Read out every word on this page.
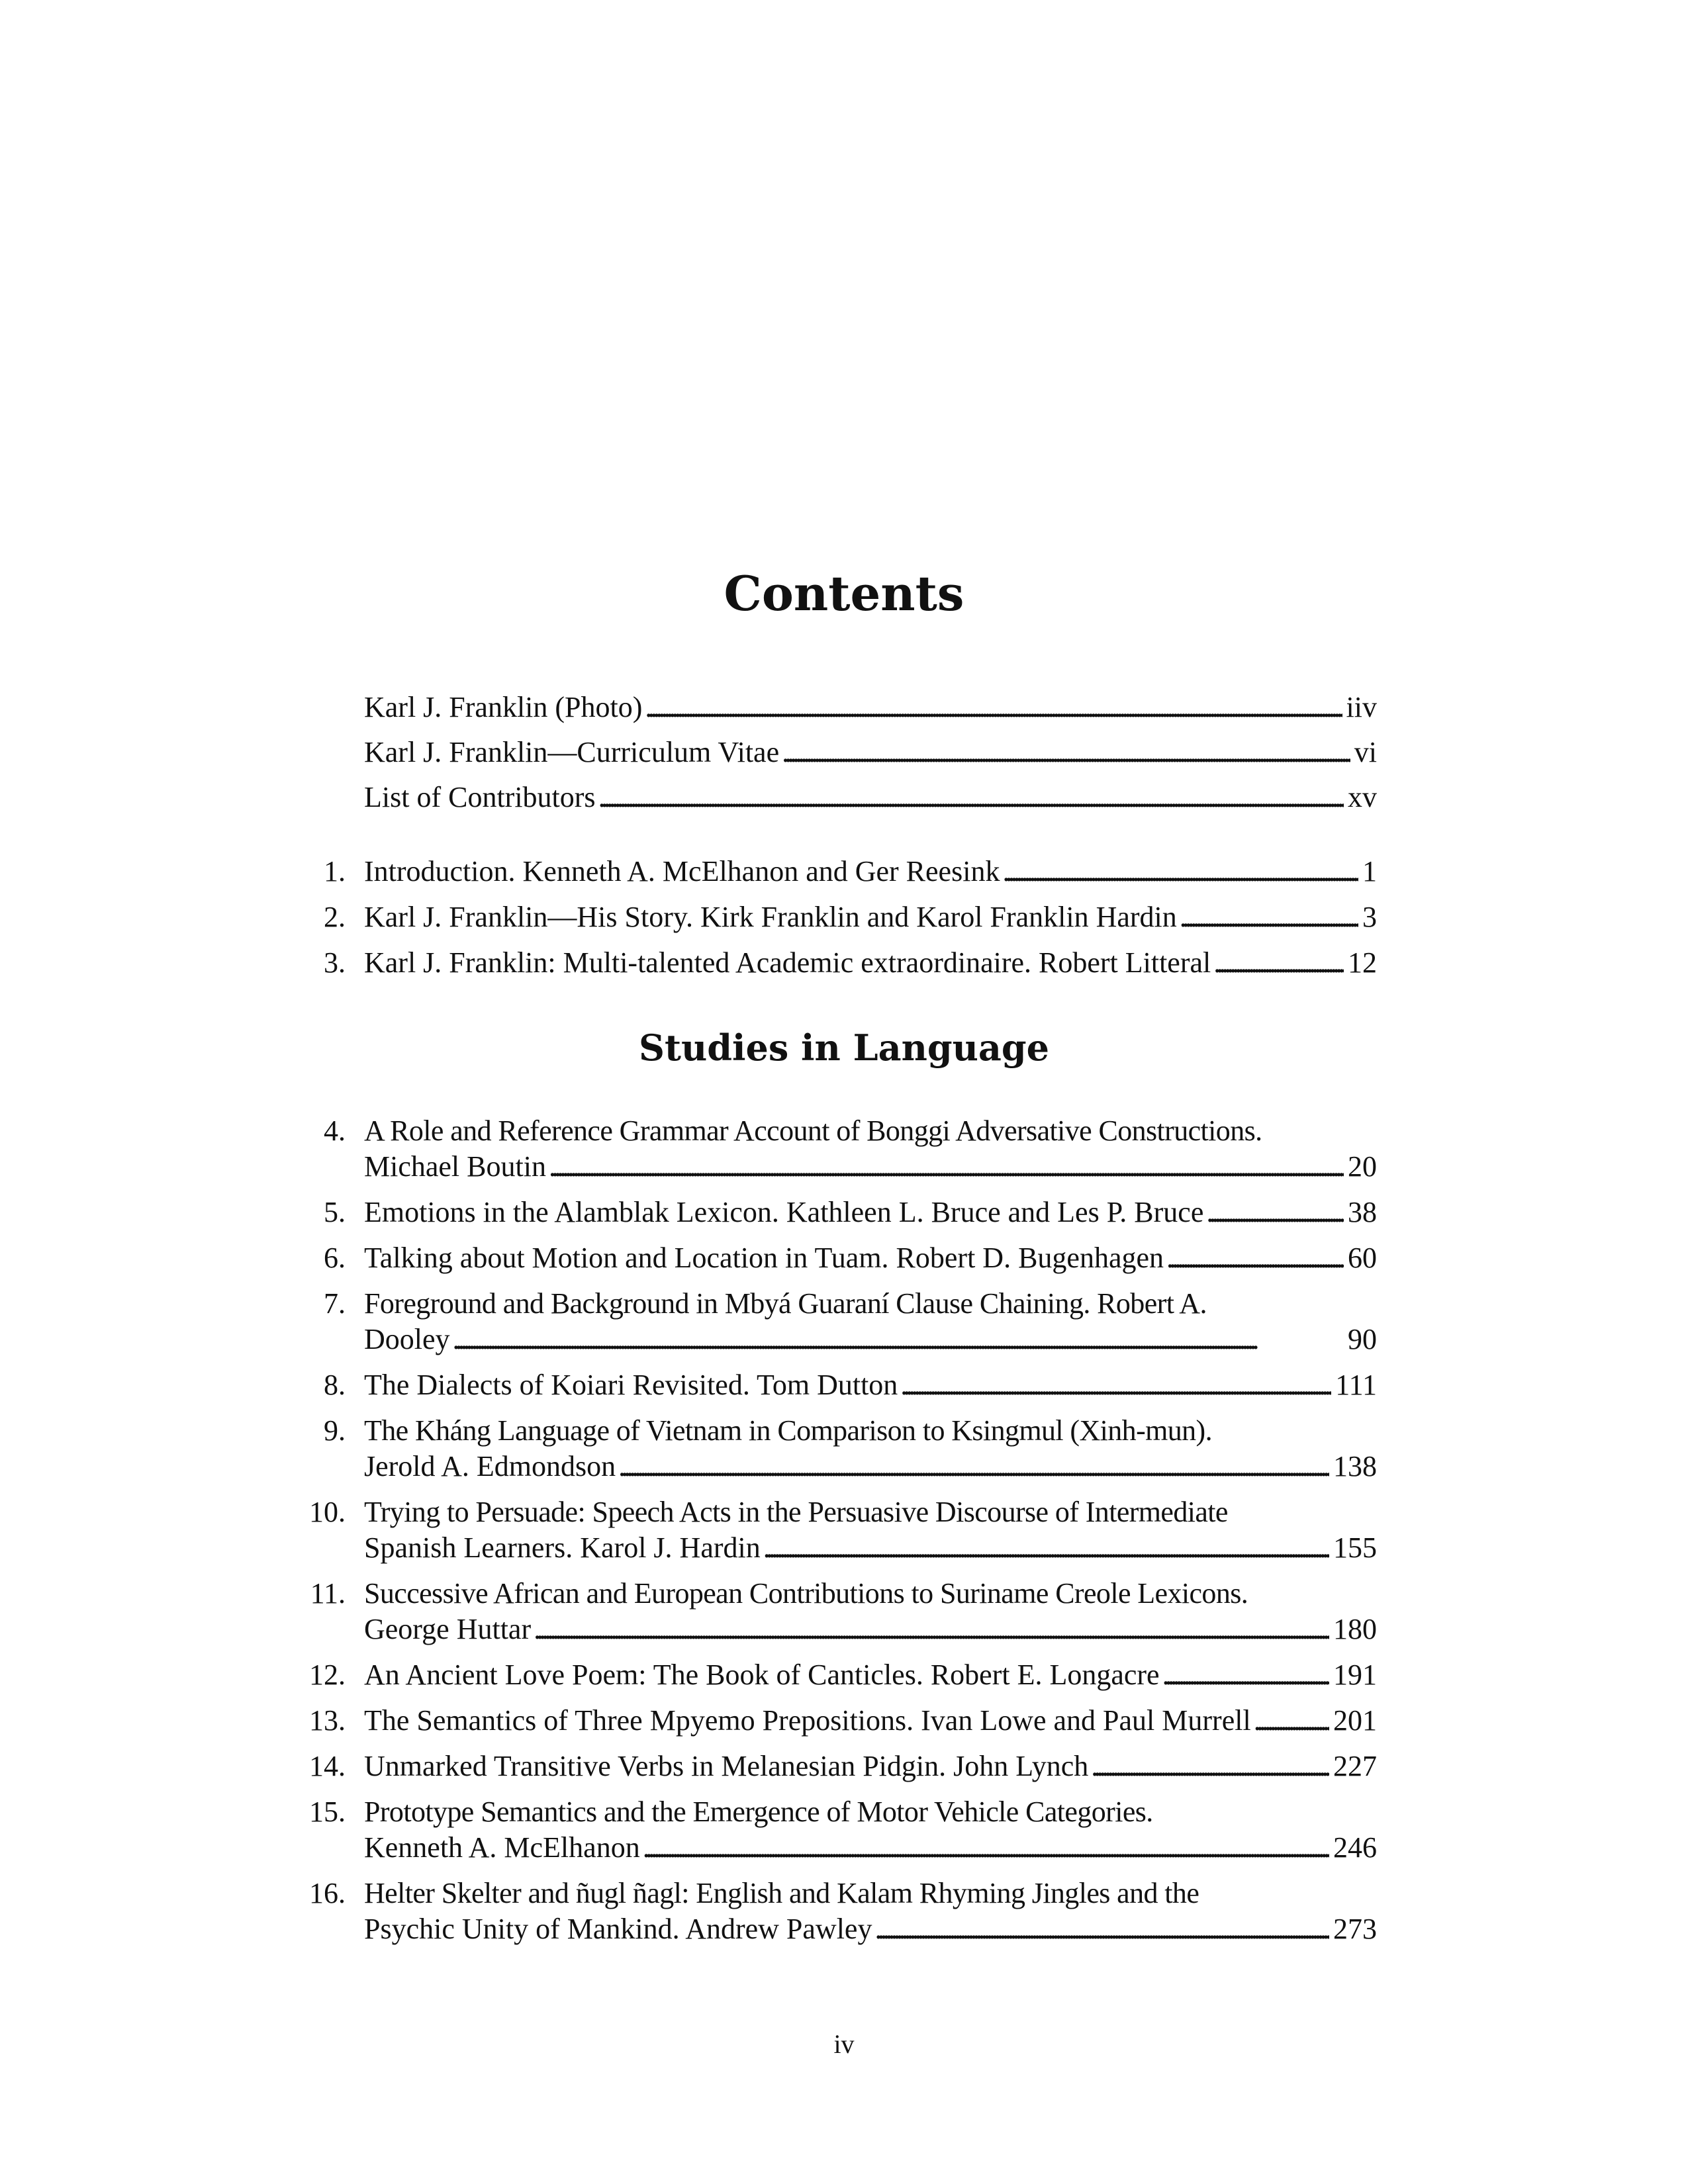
Contents
Karl J. Franklin (Photo) . . .	iiv
Karl J. Franklin—Curriculum Vitae . . .	vi
List of Contributors . . .	xv
1. Introduction. Kenneth A. McElhanon and Ger Reesink . . .	1
2. Karl J. Franklin—His Story. Kirk Franklin and Karol Franklin Hardin . . .	3
3. Karl J. Franklin: Multi-talented Academic extraordinaire. Robert Litteral . . .	12
Studies in Language
4. A Role and Reference Grammar Account of Bonggi Adversative Constructions.
Michael Boutin . . .	20
5. Emotions in the Alamblak Lexicon. Kathleen L. Bruce and Les P. Bruce . . .	38
6. Talking about Motion and Location in Tuam. Robert D. Bugenhagen . . .	60
7. Foreground and Background in Mbyá Guaraní Clause Chaining. Robert A.
Dooley . . .	90
8. The Dialects of Koiari Revisited. Tom Dutton . . .	111
9. The Kháng Language of Vietnam in Comparison to Ksingmul (Xinh-mun).
Jerold A. Edmondson . . .	138
10. Trying to Persuade: Speech Acts in the Persuasive Discourse of Intermediate
Spanish Learners. Karol J. Hardin . . .	155
11. Successive African and European Contributions to Suriname Creole Lexicons.
George Huttar . . .	180
12. An Ancient Love Poem: The Book of Canticles. Robert E. Longacre . . .	191
13. The Semantics of Three Mpyemo Prepositions. Ivan Lowe and Paul Murrell . . .	201
14. Unmarked Transitive Verbs in Melanesian Pidgin. John Lynch . . .	227
15. Prototype Semantics and the Emergence of Motor Vehicle Categories.
Kenneth A. McElhanon . . .	246
16. Helter Skelter and ñugl ñagl: English and Kalam Rhyming Jingles and the
Psychic Unity of Mankind. Andrew Pawley . . .	273
iv
